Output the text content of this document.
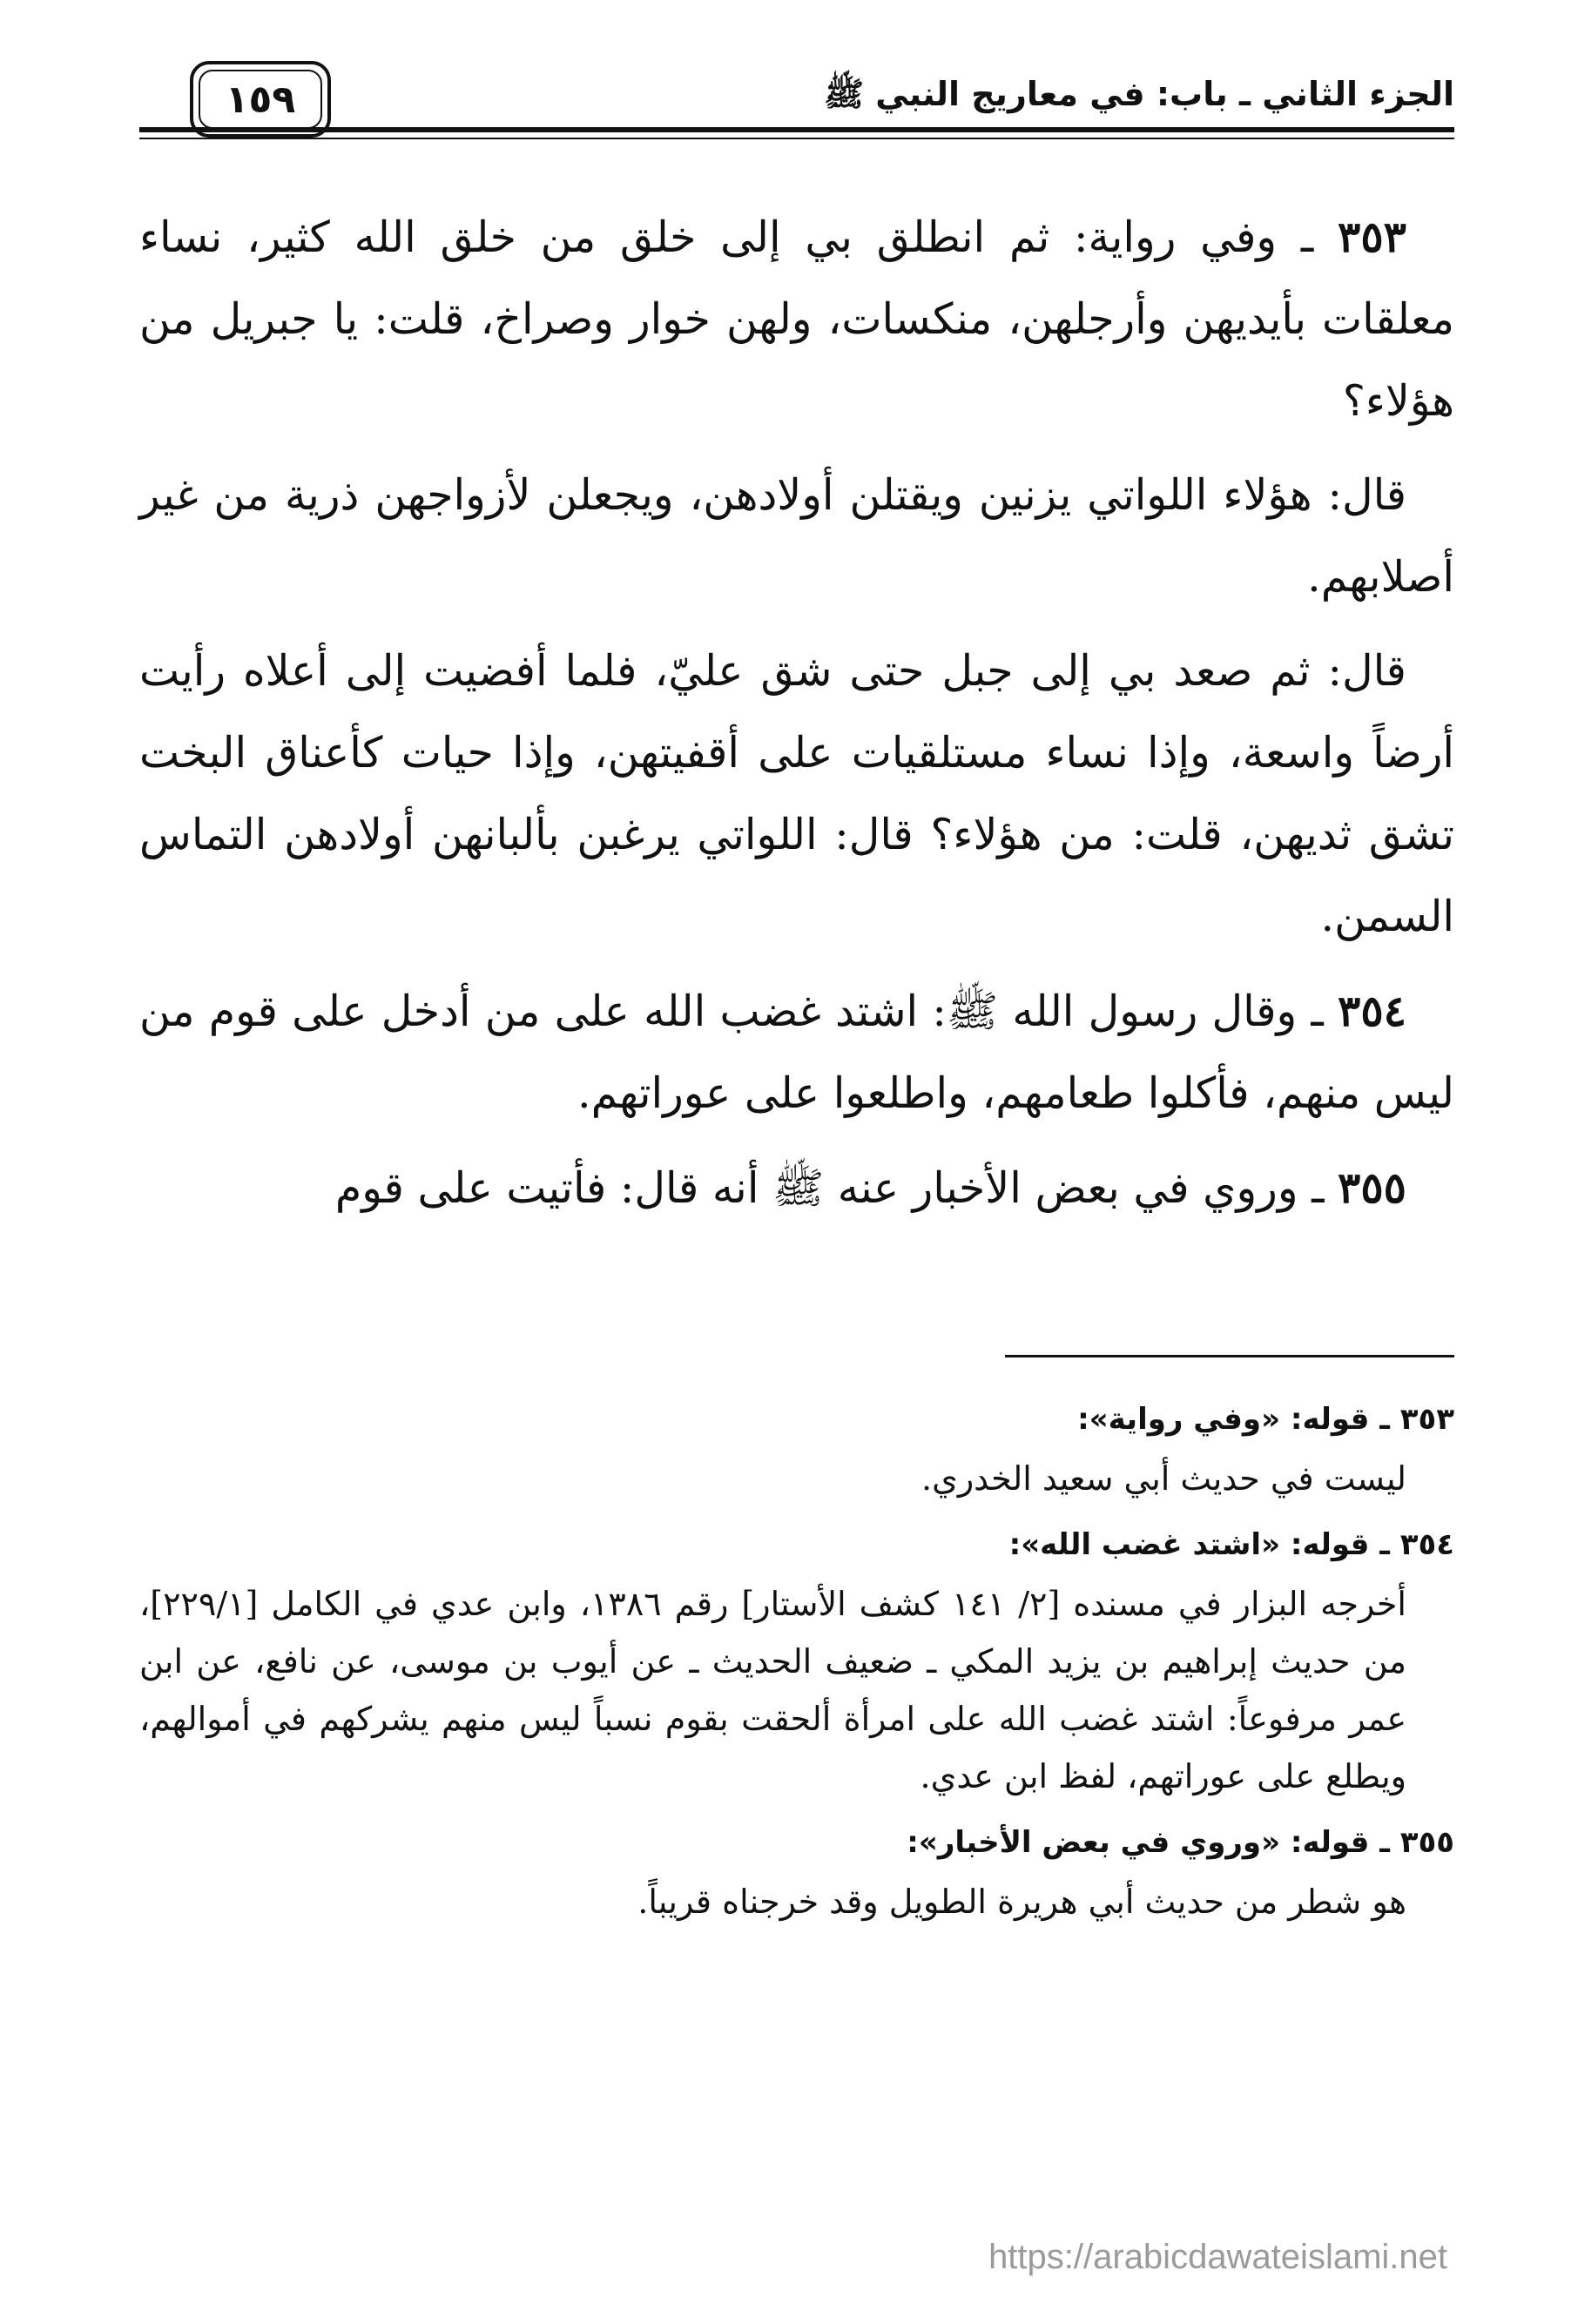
الجزء الثاني ـ باب: في معاريج النبي ﷺ
١٥٩

٣٥٣ ـ وفي رواية: ثم انطلق بي إلى خلق من خلق الله كثير، نساء معلقات بأيديهن وأرجلهن، منكسات، ولهن خوار وصراخ، قلت: يا جبريل من هؤلاء؟

قال: هؤلاء اللواتي يزنين ويقتلن أولادهن، ويجعلن لأزواجهن ذرية من غير أصلابهم.

قال: ثم صعد بي إلى جبل حتى شق عليّ، فلما أفضيت إلى أعلاه رأيت أرضاً واسعة، وإذا نساء مستلقيات على أقفيتهن، وإذا حيات كأعناق البخت تشق ثديهن، قلت: من هؤلاء؟ قال: اللواتي يرغبن بألبانهن أولادهن التماس السمن.

٣٥٤ ـ وقال رسول الله ﷺ: اشتد غضب الله على من أدخل على قوم من ليس منهم، فأكلوا طعامهم، واطلعوا على عوراتهم.

٣٥٥ ـ وروي في بعض الأخبار عنه ﷺ أنه قال: فأتيت على قوم

٣٥٣ ـ قوله: «وفي رواية»:

ليست في حديث أبي سعيد الخدري.

٣٥٤ ـ قوله: «اشتد غضب الله»:

أخرجه البزار في مسنده [٢/ ١٤١ كشف الأستار] رقم ١٣٨٦، وابن عدي في الكامل [٢٢٩/١]، من حديث إبراهيم بن يزيد المكي ـ ضعيف الحديث ـ عن أيوب بن موسى، عن نافع، عن ابن عمر مرفوعاً: اشتد غضب الله على امرأة ألحقت بقوم نسباً ليس منهم يشركهم في أموالهم، ويطلع على عوراتهم، لفظ ابن عدي.

٣٥٥ ـ قوله: «وروي في بعض الأخبار»:

هو شطر من حديث أبي هريرة الطويل وقد خرجناه قريباً.

https://arabicdawateislami.net
